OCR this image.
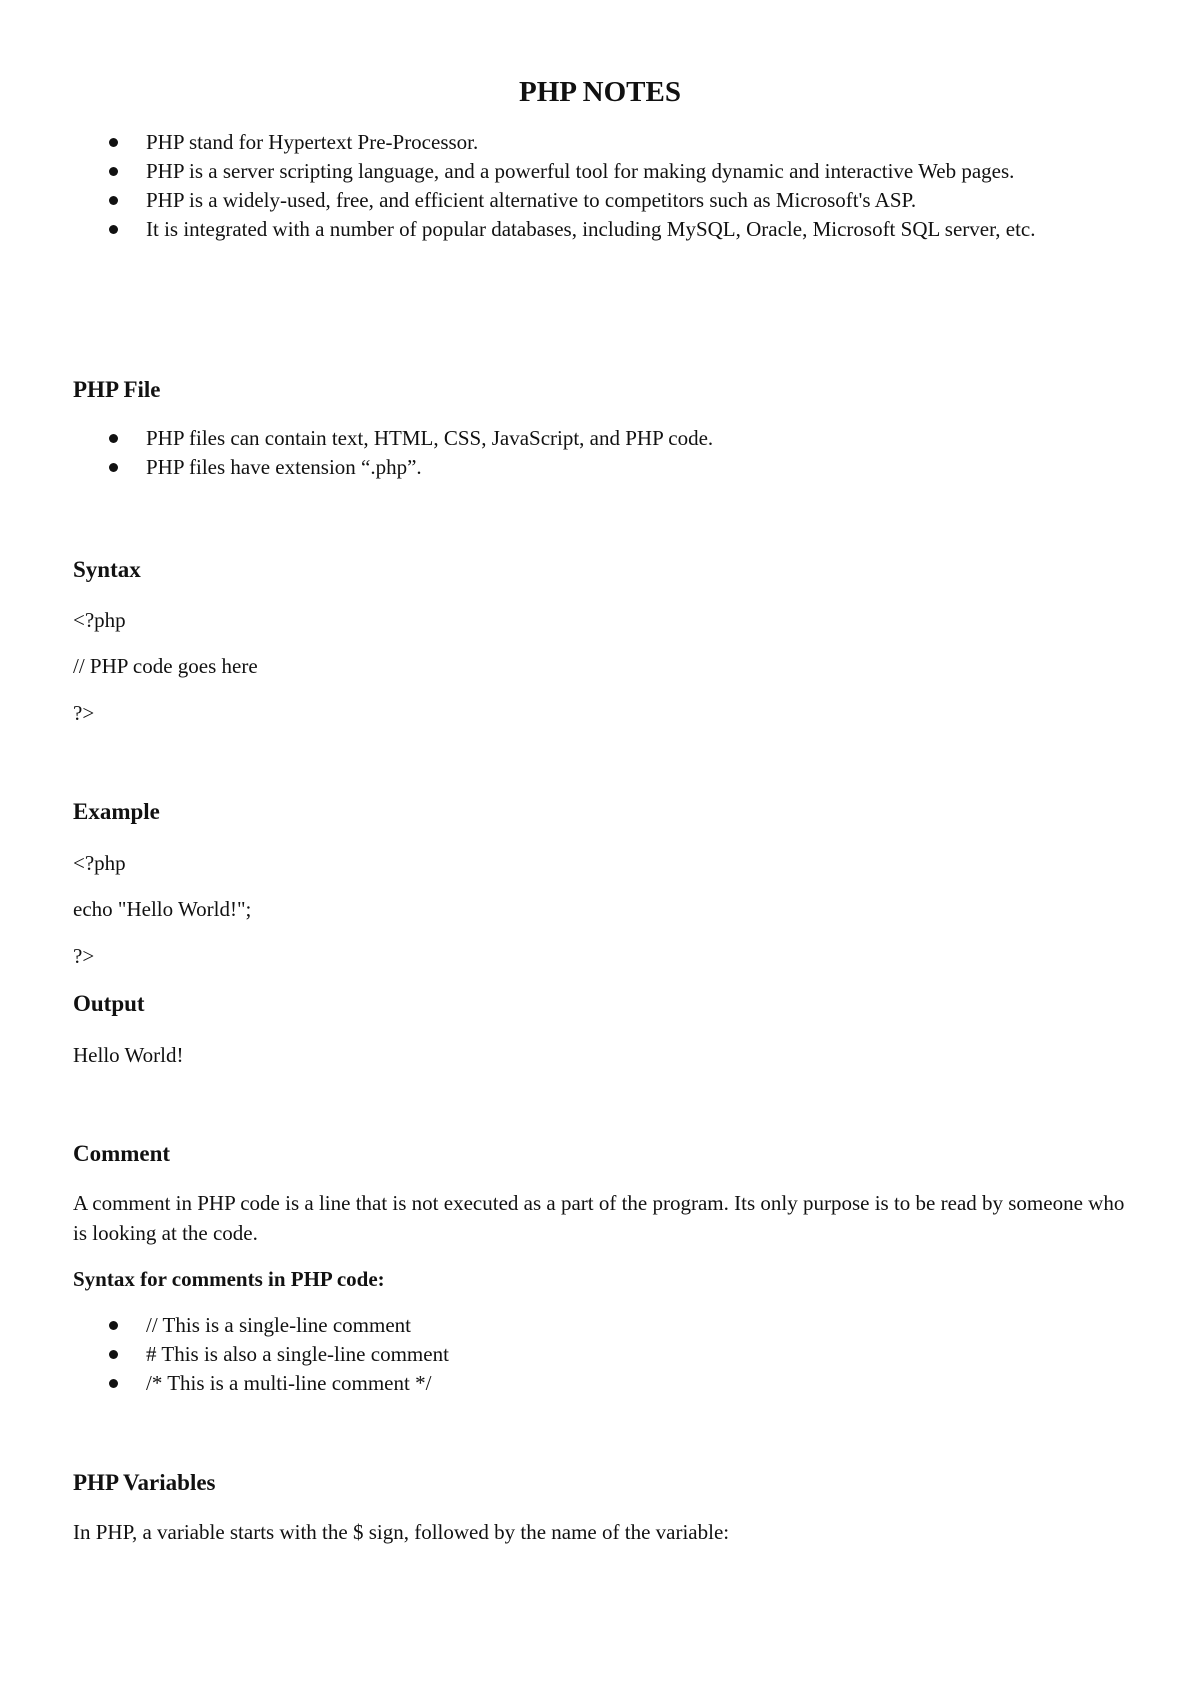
PHP NOTES
PHP stand for Hypertext Pre-Processor.
PHP is a server scripting language, and a powerful tool for making dynamic and interactive Web pages.
PHP is a widely-used, free, and efficient alternative to competitors such as Microsoft's ASP.
It is integrated with a number of popular databases, including MySQL, Oracle, Microsoft SQL server, etc.
PHP File
PHP files can contain text, HTML, CSS, JavaScript, and PHP code.
PHP files have extension “.php”.
Syntax

<?php

// PHP code goes here

?>

Example

<?php

echo "Hello World!";

?>

Output

Hello World!

Comment

A comment in PHP code is a line that is not executed as a part of the program. Its only purpose is to be read by someone who is looking at the code.

Syntax for comments in PHP code:
// This is a single-line comment
# This is also a single-line comment
/* This is a multi-line comment */
PHP Variables

In PHP, a variable starts with the $ sign, followed by the name of the variable:
